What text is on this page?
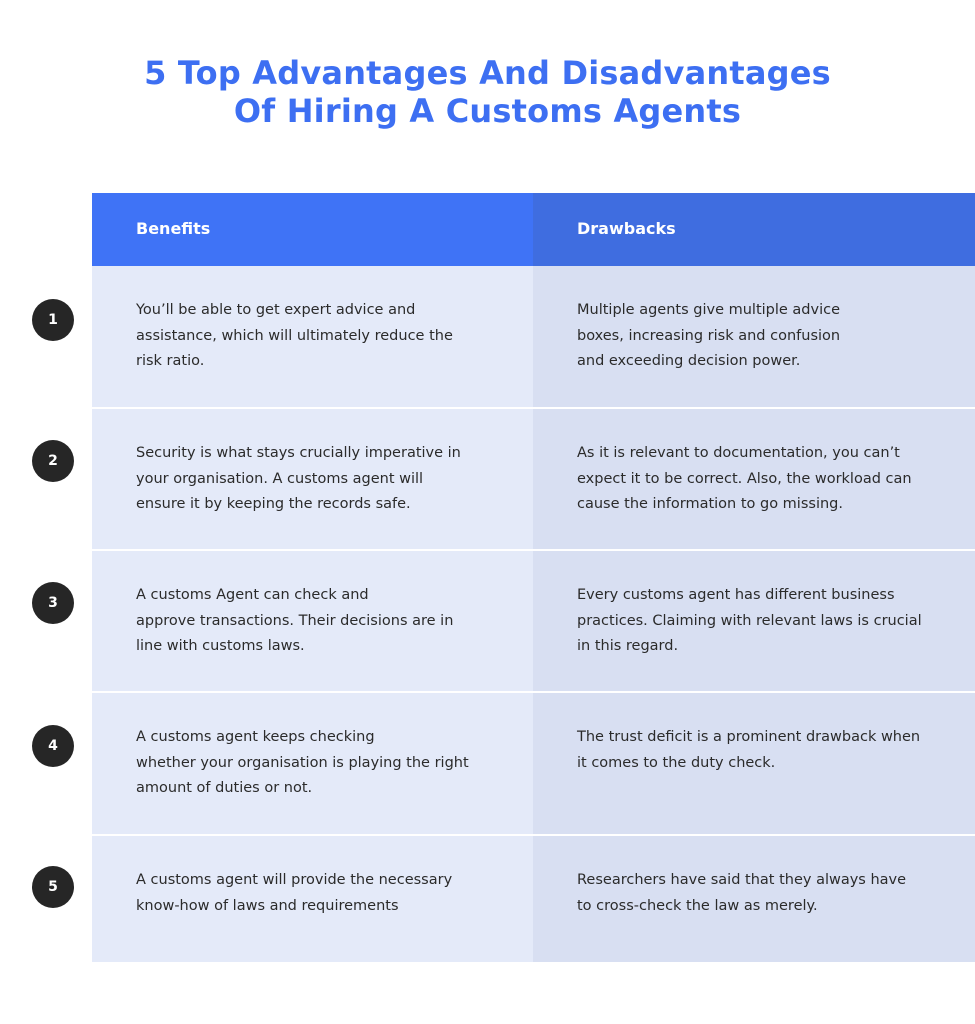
5 Top Advantages And Disadvantages
Of Hiring A Customs Agents
1
2
3
4
5
Benefits	Drawbacks
You’ll be able to get expert advice and
assistance, which will ultimately reduce the
risk ratio.
Multiple agents give multiple advice
boxes, increasing risk and confusion
and exceeding decision power.
Security is what stays crucially imperative in
your organisation. A customs agent will
ensure it by keeping the records safe.
As it is relevant to documentation, you can’t
expect it to be correct. Also, the workload can
cause the information to go missing.
A customs Agent can check and
approve transactions. Their decisions are in
line with customs laws.
Every customs agent has different business
practices. Claiming with relevant laws is crucial
in this regard.
A customs agent keeps checking
whether your organisation is playing the right
amount of duties or not.
The trust deficit is a prominent drawback when
it comes to the duty check.
A customs agent will provide the necessary
know-how of laws and requirements
Researchers have said that they always have
to cross-check the law as merely.
